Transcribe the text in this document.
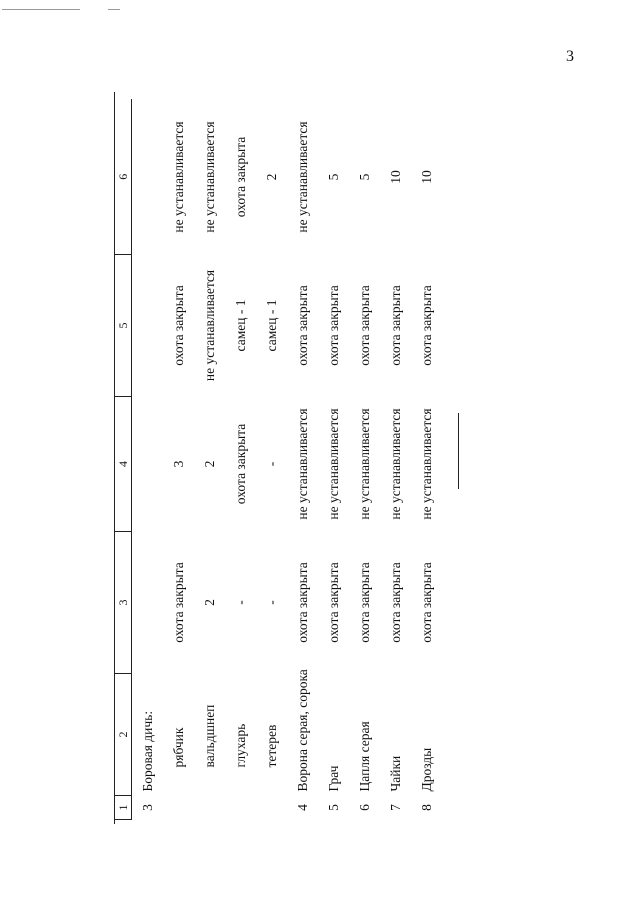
3
1	2	3	4	5	6
3	Боровая дичь:				
	рябчик	охота закрыта	3	охота закрыта	не устанавливается
	вальдшнеп	2	2	не устанавливается	не устанавливается
	глухарь	-	охота закрыта	самец - 1	охота закрыта
	тетерев	-	-	самец - 1	2
4	Ворона серая, сорока	охота закрыта	не устанавливается	охота закрыта	не устанавливается
5	Грач	охота закрыта	не устанавливается	охота закрыта	5
6	Цапля серая	охота закрыта	не устанавливается	охота закрыта	5
7	Чайки	охота закрыта	не устанавливается	охота закрыта	10
8	Дрозды	охота закрыта	не устанавливается	охота закрыта	10
